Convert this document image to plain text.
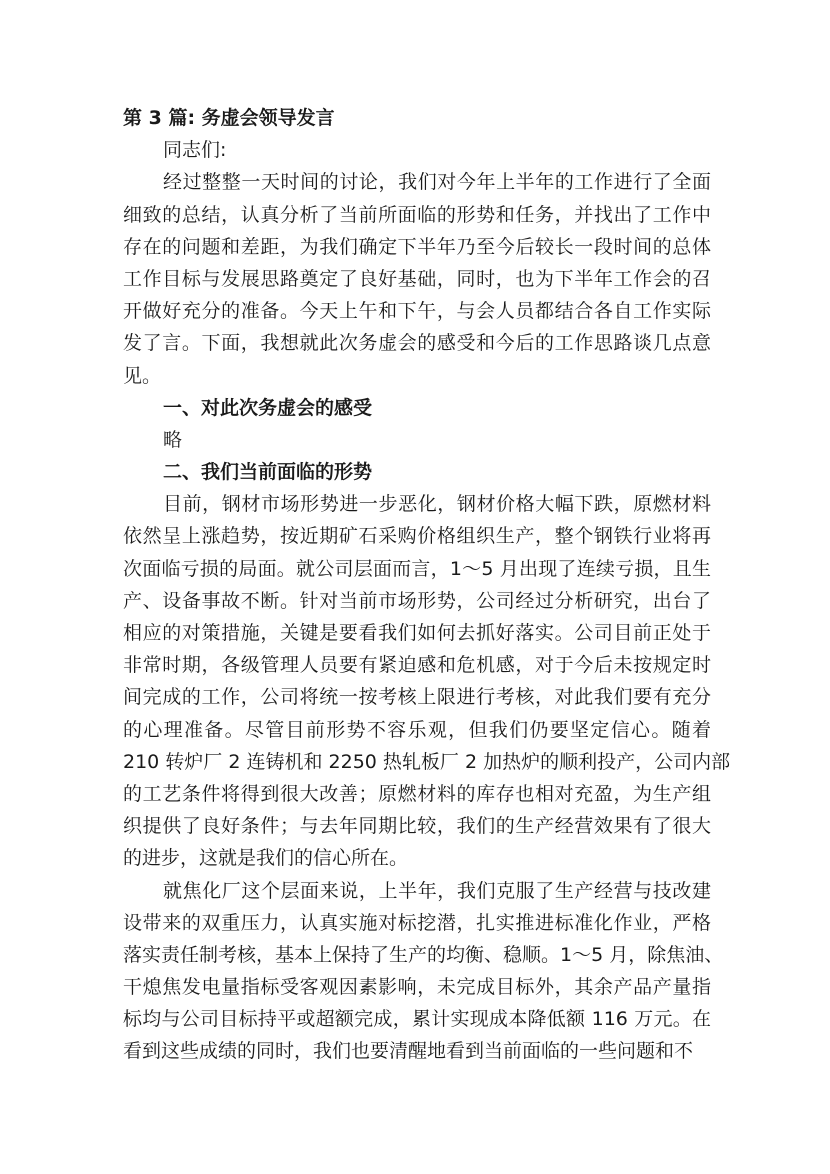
第 3 篇: 务虚会领导发言
同志们:
经过整整一天时间的讨论，我们对今年上半年的工作进行了全面
细致的总结，认真分析了当前所面临的形势和任务，并找出了工作中
存在的问题和差距，为我们确定下半年乃至今后较长一段时间的总体
工作目标与发展思路奠定了良好基础，同时，也为下半年工作会的召
开做好充分的准备。今天上午和下午，与会人员都结合各自工作实际
发了言。下面，我想就此次务虚会的感受和今后的工作思路谈几点意
见。
一、对此次务虚会的感受
略
二、我们当前面临的形势
目前，钢材市场形势进一步恶化，钢材价格大幅下跌，原燃材料
依然呈上涨趋势，按近期矿石采购价格组织生产，整个钢铁行业将再
次面临亏损的局面。就公司层面而言，1～5 月出现了连续亏损，且生
产、设备事故不断。针对当前市场形势，公司经过分析研究，出台了
相应的对策措施，关键是要看我们如何去抓好落实。公司目前正处于
非常时期，各级管理人员要有紧迫感和危机感，对于今后未按规定时
间完成的工作，公司将统一按考核上限进行考核，对此我们要有充分
的心理准备。尽管目前形势不容乐观，但我们仍要坚定信心。随着
210 转炉厂 2 连铸机和 2250 热轧板厂 2 加热炉的顺利投产，公司内部
的工艺条件将得到很大改善；原燃材料的库存也相对充盈，为生产组
织提供了良好条件；与去年同期比较，我们的生产经营效果有了很大
的进步，这就是我们的信心所在。
就焦化厂这个层面来说，上半年，我们克服了生产经营与技改建
设带来的双重压力，认真实施对标挖潜，扎实推进标准化作业，严格
落实责任制考核，基本上保持了生产的均衡、稳顺。1～5 月，除焦油、
干熄焦发电量指标受客观因素影响，未完成目标外，其余产品产量指
标均与公司目标持平或超额完成，累计实现成本降低额 116 万元。在
看到这些成绩的同时，我们也要清醒地看到当前面临的一些问题和不
